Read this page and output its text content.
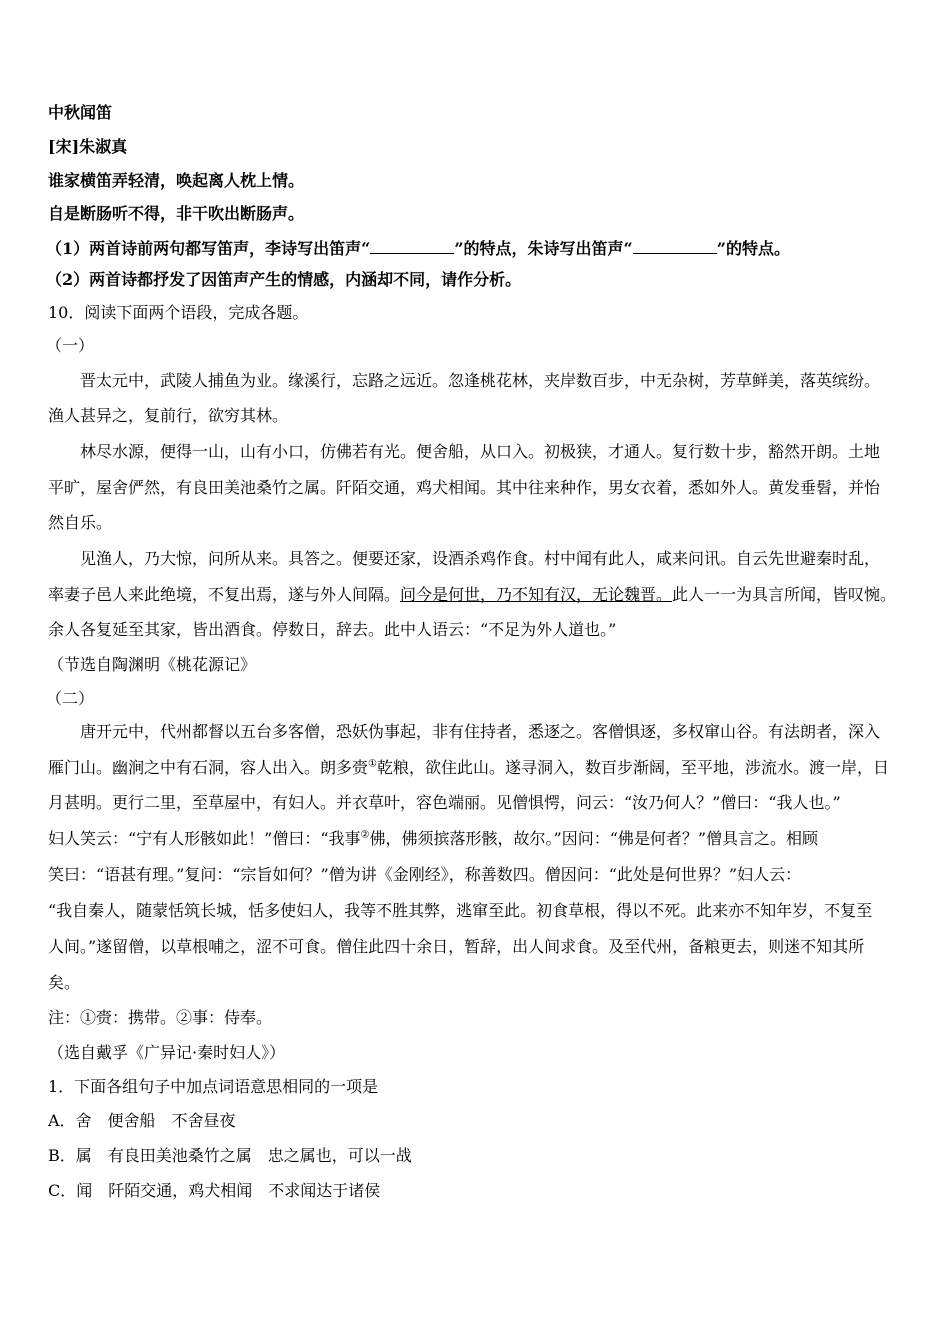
中秋闻笛
[宋]朱淑真
谁家横笛弄轻清，唤起离人枕上情。
自是断肠听不得，非干吹出断肠声。
（1）两首诗前两句都写笛声，李诗写出笛声“	”的特点，朱诗写出笛声“	”的特点。
（2）两首诗都抒发了因笛声产生的情感，内涵却不同，请作分析。
10．阅读下面两个语段，完成各题。
（一）
晋太元中，武陵人捕鱼为业。缘溪行，忘路之远近。忽逢桃花林，夹岸数百步，中无杂树，芳草鲜美，落英缤纷。
渔人甚异之，复前行，欲穷其林。
林尽水源，便得一山，山有小口，仿佛若有光。便舍船，从口入。初极狭，才通人。复行数十步，豁然开朗。土地
平旷，屋舍俨然，有良田美池桑竹之属。阡陌交通，鸡犬相闻。其中往来种作，男女衣着，悉如外人。黄发垂髫，并怡
然自乐。
见渔人，乃大惊，问所从来。具答之。便要还家，设酒杀鸡作食。村中闻有此人，咸来问讯。自云先世避秦时乱，
率妻子邑人来此绝境，不复出焉，遂与外人间隔。问今是何世，乃不知有汉，无论魏晋。此人一一为具言所闻，皆叹惋。
余人各复延至其家，皆出酒食。停数日，辞去。此中人语云：“不足为外人道也。”
（节选自陶渊明《桃花源记》
（二）
唐开元中，代州都督以五台多客僧，恐妖伪事起，非有住持者，悉逐之。客僧惧逐，多权窜山谷。有法朗者，深入
雁门山。幽涧之中有石洞，容人出入。朗多赍①乾粮，欲住此山。遂寻洞入，数百步渐阔，至平地，涉流水。渡一岸，日
月甚明。更行二里，至草屋中，有妇人。并衣草叶，容色端丽。见僧惧愕，问云：“汝乃何人？”僧曰：“我人也。”
妇人笑云：“宁有人形骸如此！”僧曰：“我事②佛，佛须摈落形骸，故尔。”因问：“佛是何者？”僧具言之。相顾
笑曰：“语甚有理。”复问：“宗旨如何？”僧为讲《金刚经》，称善数四。僧因问：“此处是何世界？”妇人云：
“我自秦人，随蒙恬筑长城，恬多使妇人，我等不胜其弊，逃窜至此。初食草根，得以不死。此来亦不知年岁，不复至
人间。”遂留僧，以草根哺之，涩不可食。僧住此四十余日，暂辞，出人间求食。及至代州，备粮更去，则迷不知其所
矣。
注：①赍：携带。②事：侍奉。
（选自戴孚《广异记·秦时妇人》）
1．下面各组句子中加点词语意思相同的一项是
A．舍　便舍船　不舍昼夜
B．属　有良田美池桑竹之属　忠之属也，可以一战
C．闻　阡陌交通，鸡犬相闻　不求闻达于诸侯
